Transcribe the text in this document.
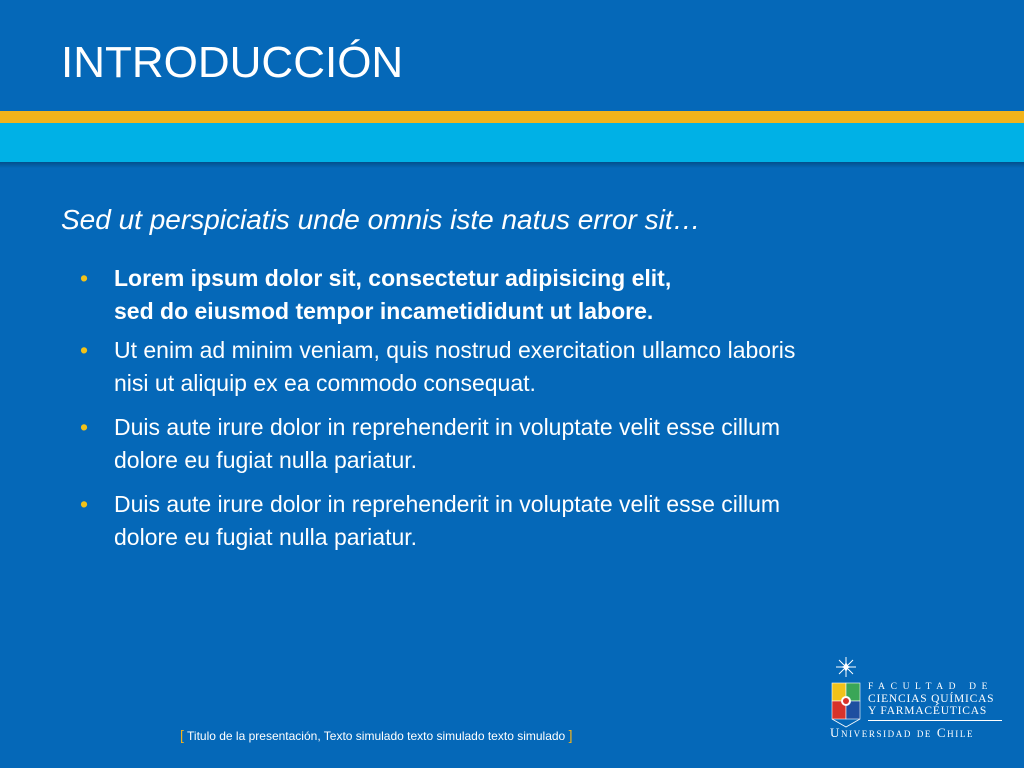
INTRODUCCIÓN

Sed ut perspiciatis unde omnis iste natus error sit…

• Lorem ipsum dolor sit, consectetur adipisicing elit,
sed do eiusmod tempor incametididunt ut labore.
• Ut enim ad minim veniam, quis nostrud exercitation ullamco laboris
nisi ut aliquip ex ea commodo consequat.
• Duis aute irure dolor in reprehenderit in voluptate velit esse cillum
dolore eu fugiat nulla pariatur.
• Duis aute irure dolor in reprehenderit in voluptate velit esse cillum
dolore eu fugiat nulla pariatur.
FACULTAD DE
CIENCIAS QUÍMICAS
Y FARMACÉUTICAS
Universidad de Chile
[ Titulo de la presentación, Texto simulado texto simulado texto simulado ]
